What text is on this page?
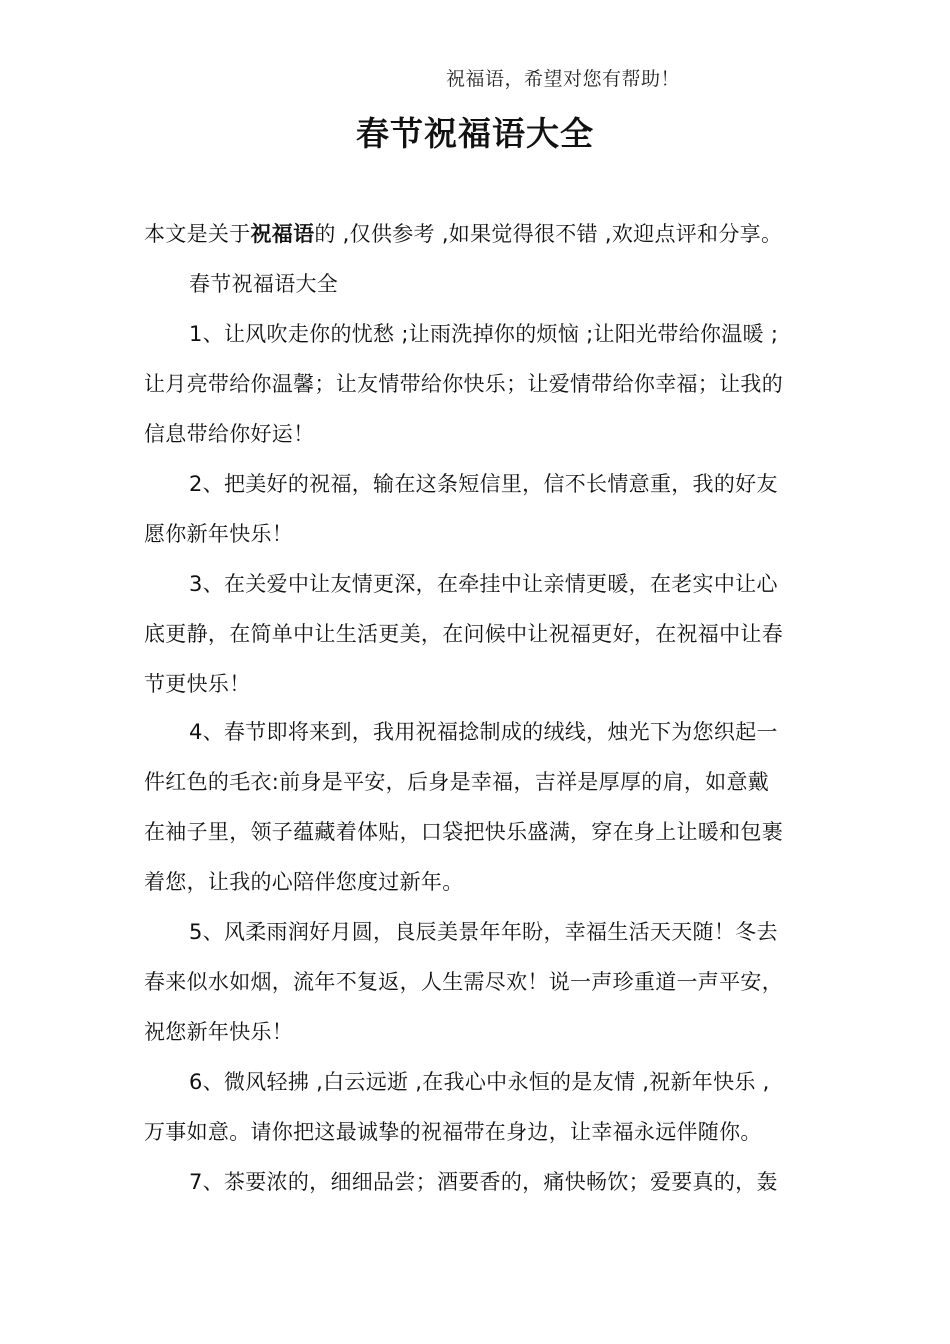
祝福语，希望对您有帮助！
春节祝福语大全
本文是关于祝福语的 ,仅供参考 ,如果觉得很不错 ,欢迎点评和分享。
春节祝福语大全
1、让风吹走你的忧愁 ;让雨洗掉你的烦恼 ;让阳光带给你温暖 ;
让月亮带给你温馨；让友情带给你快乐；让爱情带给你幸福；让我的
信息带给你好运！
2、把美好的祝福，输在这条短信里，信不长情意重，我的好友
愿你新年快乐！
3、在关爱中让友情更深，在牵挂中让亲情更暖，在老实中让心
底更静，在简单中让生活更美，在问候中让祝福更好，在祝福中让春
节更快乐！
4、春节即将来到，我用祝福捻制成的绒线，烛光下为您织起一
件红色的毛衣:前身是平安，后身是幸福，吉祥是厚厚的肩，如意戴
在袖子里，领子蕴藏着体贴，口袋把快乐盛满，穿在身上让暖和包裹
着您，让我的心陪伴您度过新年。
5、风柔雨润好月圆，良辰美景年年盼，幸福生活天天随！冬去
春来似水如烟，流年不复返，人生需尽欢！说一声珍重道一声平安，
祝您新年快乐！
6、微风轻拂 ,白云远逝 ,在我心中永恒的是友情 ,祝新年快乐 ,
万事如意。请你把这最诚挚的祝福带在身边，让幸福永远伴随你。
7、茶要浓的，细细品尝；酒要香的，痛快畅饮；爱要真的，轰
